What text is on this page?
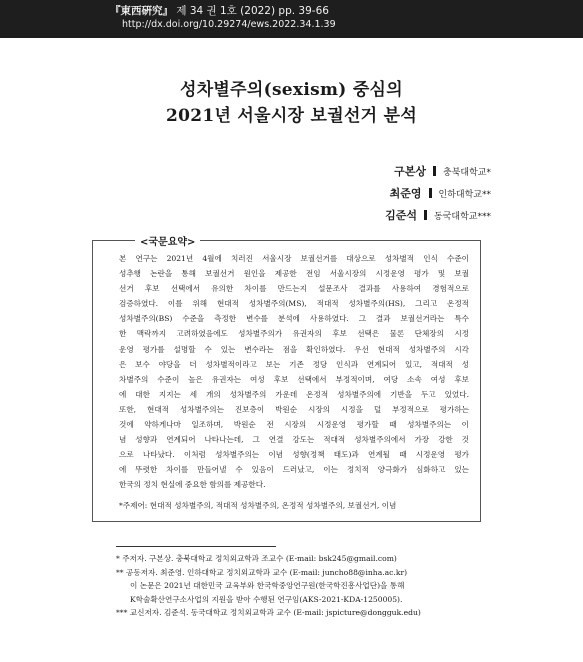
『東西硏究』 제 34 권 1호 (2022) pp. 39-66
http://dx.doi.org/10.29274/ews.2022.34.1.39
성차별주의(sexism) 중심의
2021년 서울시장 보궐선거 분석
구본상 충북대학교*
최준영 인하대학교**
김준석 동국대학교***
<국문요약>
본 연구는 2021년 4월에 치러진 서울시장 보궐선거를 대상으로 성차별적 인식 수준이
성추행 논란을 통해 보궐선거 원인을 제공한 전임 서울시장의 시정운영 평가 및 보궐
선거 후보 선택에서 유의한 차이를 만드는지 설문조사 결과를 사용하여 경험적으로
검증하였다. 이를 위해 현대적 성차별주의(MS), 적대적 성차별주의(HS), 그리고 온정적
성차별주의(BS) 수준을 측정한 변수를 분석에 사용하였다. 그 결과 보궐선거라는 특수
한 맥락까지 고려하였음에도 성차별주의가 유권자의 후보 선택은 물론 단체장의 시정
운영 평가를 설명할 수 있는 변수라는 점을 확인하였다. 우선 현대적 성차별주의 시각
은 보수 야당을 더 성차별적이라고 보는 기존 정당 인식과 연계되어 있고, 적대적 성
차별주의 수준이 높은 유권자는 여성 후보 선택에서 부정적이며, 여당 소속 여성 후보
에 대한 지지는 세 개의 성차별주의 가운데 온정적 성차별주의에 기반을 두고 있었다.
또한, 현대적 성차별주의는 진보층이 박원순 시장의 시정을 덜 부정적으로 평가하는
것에 약하게나마 일조하며, 박원순 전 시장의 시정운영 평가할 때 성차별주의는 이
념 성향과 연계되어 나타나는데, 그 연결 강도는 적대적 성차별주의에서 가장 강한 것
으로 나타났다. 이처럼 성차별주의는 이념 성향(정책 태도)과 연계될 때 시정운영 평가
에 뚜렷한 차이를 만들어낼 수 있음이 드러났고, 이는 정치적 양극화가 심화하고 있는
한국의 정치 현실에 중요한 함의를 제공한다.
*주제어: 현대적 성차별주의, 적대적 성차별주의, 온정적 성차별주의, 보궐선거, 이념
* 주저자. 구본상. 충북대학교 정치외교학과 조교수 (E-mail: bsk245@gmail.com)
** 공동저자. 최준영. 인하대학교 정치외교학과 교수 (E-mail: juncho88@inha.ac.kr)
이 논문은 2021년 대한민국 교육부와 한국학중앙연구원(한국학진흥사업단)을 통해
K학술확산연구소사업의 지원을 받아 수행된 연구임(AKS-2021-KDA-1250005).
*** 교신저자. 김준석. 동국대학교 정치외교학과 교수 (E-mail: jspicture@dongguk.edu)
